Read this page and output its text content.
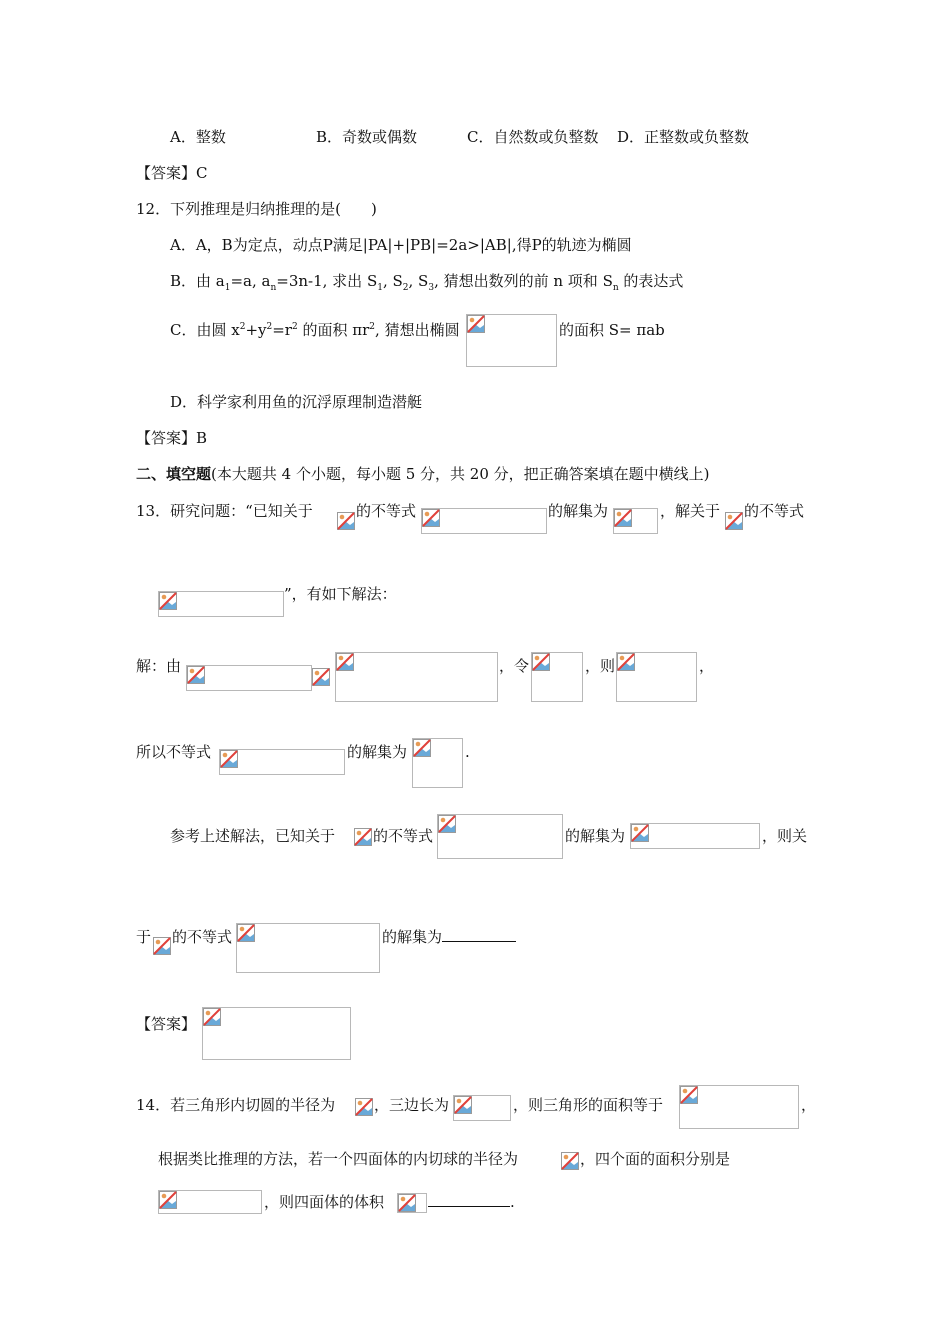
A．整数	B．奇数或偶数	C．自然数或负整数 D．正整数或负整数
【答案】C
12．下列推理是归纳推理的是(　　)
A．A，B为定点，动点P满足|PA|+|PB|=2a>|AB|,得P的轨迹为椭圆
B．由 $a_1=a$, $a_n=3n-1$, 求出 $S_1$, $S_2$, $S_3$, 猜想出数列的前 n 项和 $S_n$ 的表达式
C．由圆 $x^2+y^2=r^2$ 的面积 $\pi r^2$, 猜想出椭圆	的面积 S= πab
D．科学家利用鱼的沉浮原理制造潜艇
【答案】B
二、填空题(本大题共 4 个小题，每小题 5 分，共 20 分，把正确答案填在题中横线上)
13．研究问题：“已知关于	的不等式	的解集为	，解关于 的不等式
”，有如下解法：
解：由	，令	，则	，
所以不等式	的解集为	.
参考上述解法，已知关于	的不等式	的解集为	，则关
于 的不等式	的解集为
【答案】
14．若三角形内切圆的半径为	，三边长为	，则三角形的面积等于	，
根据类比推理的方法，若一个四面体的内切球的半径为	，四个面的面积分别是
，则四面体的体积	.
